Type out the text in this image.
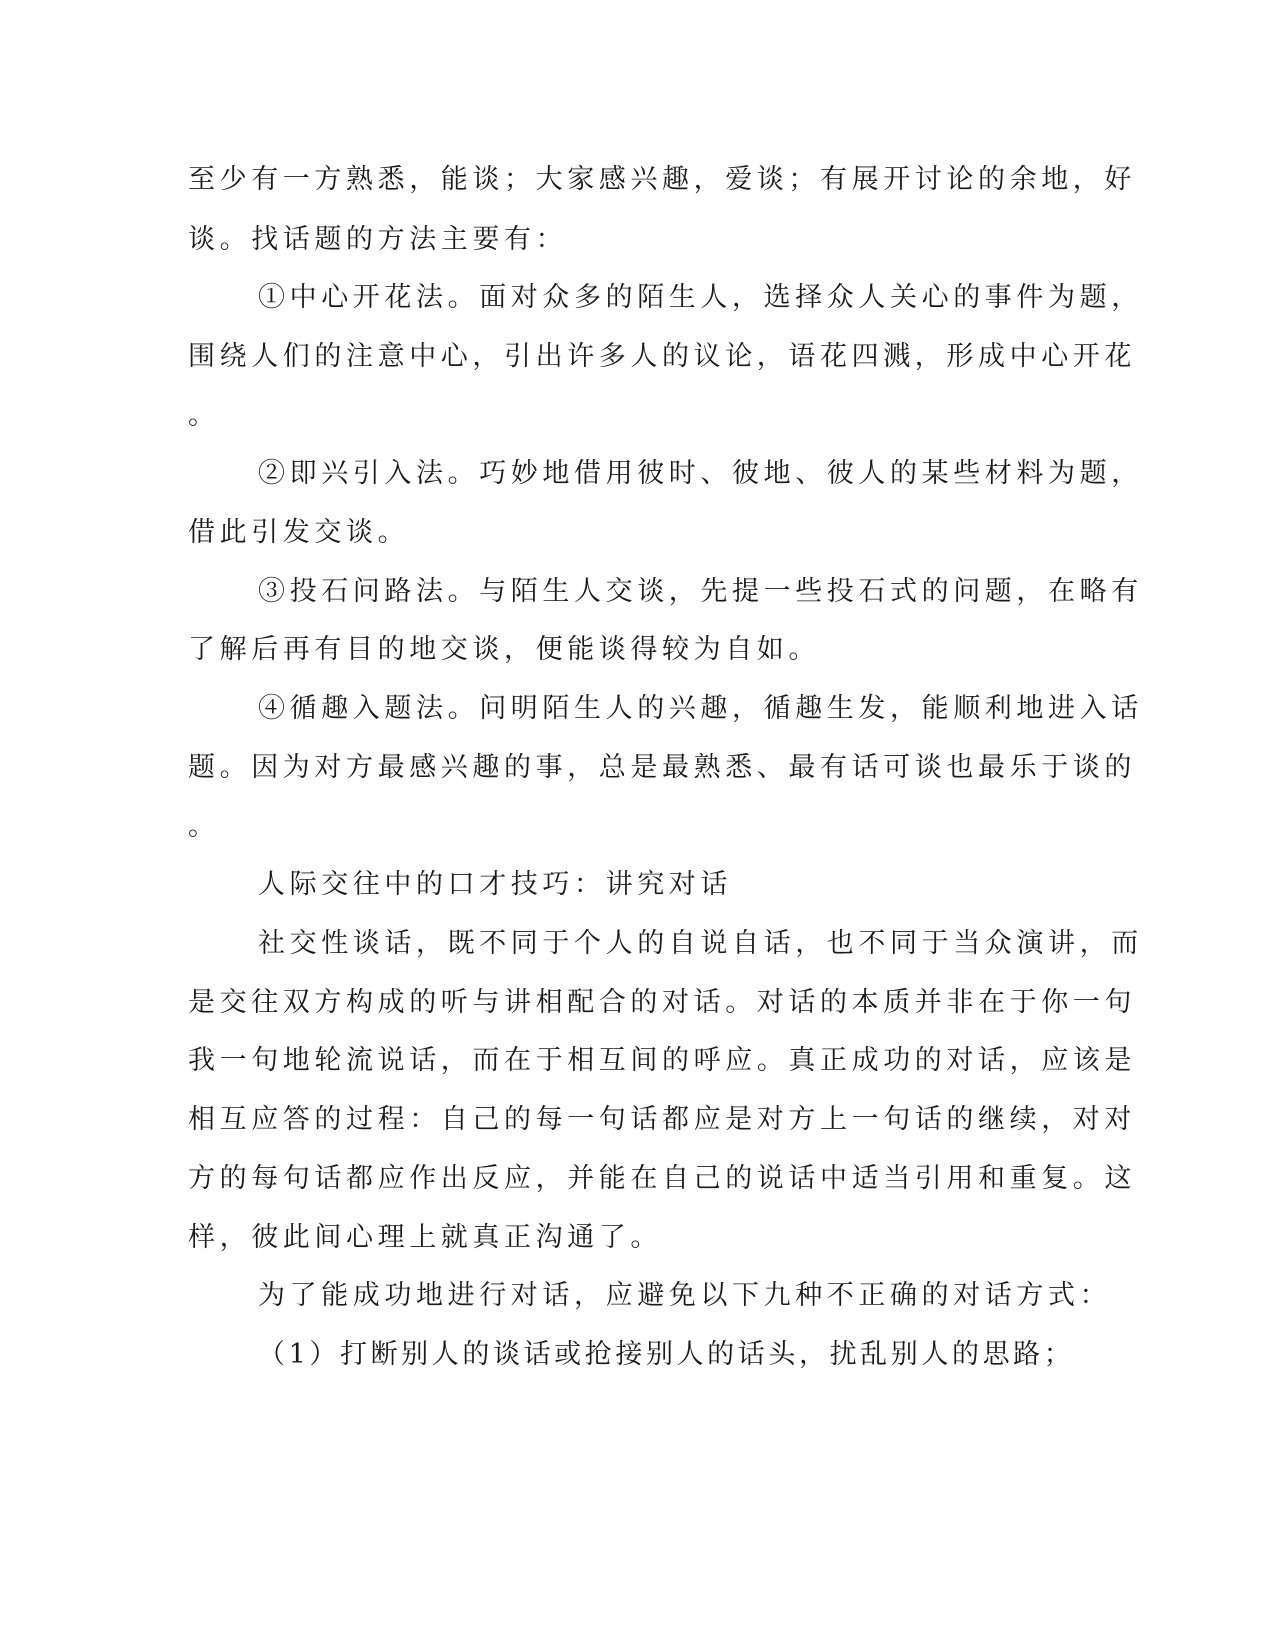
至少有一方熟悉，能谈；大家感兴趣，爱谈；有展开讨论的余地，好
谈。找话题的方法主要有：
①中心开花法。面对众多的陌生人，选择众人关心的事件为题，
围绕人们的注意中心，引出许多人的议论，语花四溅，形成中心开花
。
②即兴引入法。巧妙地借用彼时、彼地、彼人的某些材料为题，
借此引发交谈。
③投石问路法。与陌生人交谈，先提一些投石式的问题，在略有
了解后再有目的地交谈，便能谈得较为自如。
④循趣入题法。问明陌生人的兴趣，循趣生发，能顺利地进入话
题。因为对方最感兴趣的事，总是最熟悉、最有话可谈也最乐于谈的
。
人际交往中的口才技巧：讲究对话
社交性谈话，既不同于个人的自说自话，也不同于当众演讲，而
是交往双方构成的听与讲相配合的对话。对话的本质并非在于你一句
我一句地轮流说话，而在于相互间的呼应。真正成功的对话，应该是
相互应答的过程：自己的每一句话都应是对方上一句话的继续，对对
方的每句话都应作出反应，并能在自己的说话中适当引用和重复。这
样，彼此间心理上就真正沟通了。
为了能成功地进行对话，应避免以下九种不正确的对话方式：
（1）打断别人的谈话或抢接别人的话头，扰乱别人的思路；
